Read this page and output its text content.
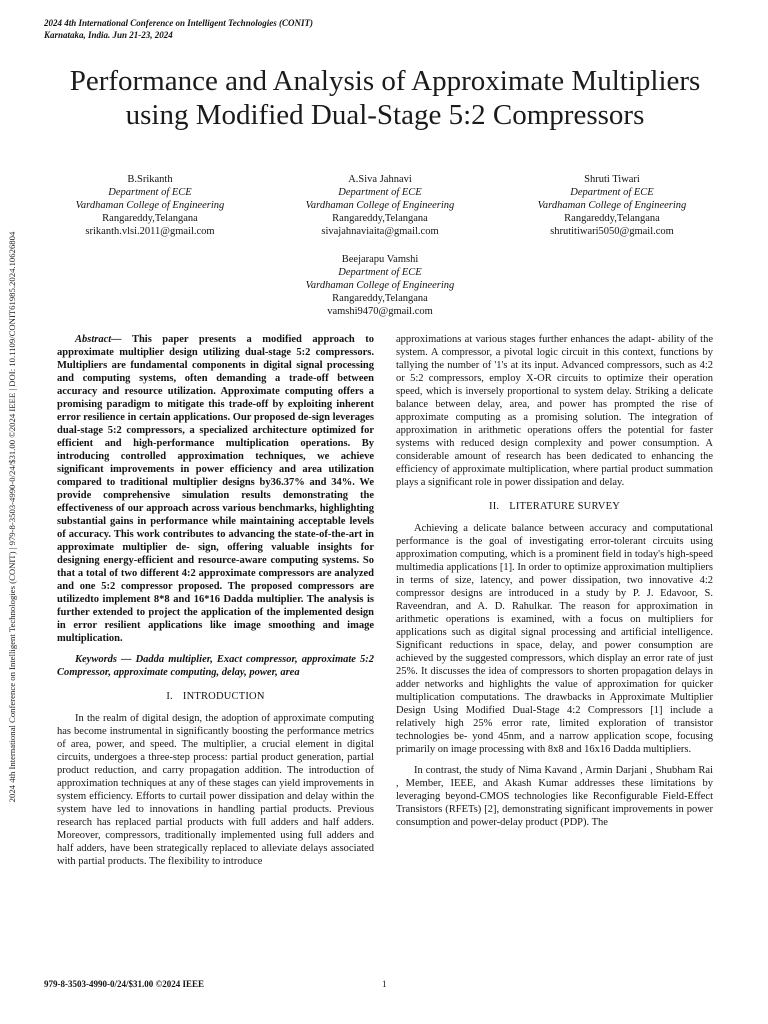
2024 4th International Conference on Intelligent Technologies (CONIT)
Karnataka, India. Jun 21-23, 2024
2024 4th International Conference on Intelligent Technologies (CONIT) | 979-8-3503-4990-0/24/$31.00 ©2024 IEEE | DOI: 10.1109/CONIT61985.2024.10626804
Performance and Analysis of Approximate Multipliers using Modified Dual-Stage 5:2 Compressors
B.Srikanth
Department of ECE
Vardhaman College of Engineering
Rangareddy,Telangana
srikanth.vlsi.2011@gmail.com
A.Siva Jahnavi
Department of ECE
Vardhaman College of Engineering
Rangareddy,Telangana
sivajahnaviaita@gmail.com
Shruti Tiwari
Department of ECE
Vardhaman College of Engineering
Rangareddy,Telangana
shrutitiwari5050@gmail.com
Beejarapu Vamshi
Department of ECE
Vardhaman College of Engineering
Rangareddy,Telangana
vamshi9470@gmail.com

Abstract— This paper presents a modified approach to approximate multiplier design utilizing dual-stage 5:2 compressors. Multipliers are fundamental components in digital signal processing and computing systems, often demanding a trade-off between accuracy and resource utilization. Approximate computing offers a promising paradigm to mitigate this trade-off by exploiting inherent error resilience in certain applications. Our proposed de-sign leverages dual-stage 5:2 compressors, a specialized architecture optimized for efficient and high-performance multiplication operations. By introducing controlled approximation techniques, we achieve significant improvements in power efficiency and area utilization compared to traditional multiplier designs by36.37% and 34%. We provide comprehensive simulation results demonstrating the effectiveness of our approach across various benchmarks, highlighting substantial gains in performance while maintaining acceptable levels of accuracy. This work contributes to advancing the state-of-the-art in approximate multiplier de- sign, offering valuable insights for designing energy-efficient and resource-aware computing systems. So that a total of two different 4:2 approximate compressors are analyzed and one 5:2 compressor proposed. The proposed compressors are utilizedto implement 8*8 and 16*16 Dadda multiplier. The analysis is further extended to project the application of the implemented design in error resilient applications like image smoothing and image multiplication.

Keywords — Dadda multiplier, Exact compressor, approximate 5:2 Compressor, approximate computing, delay, power, area

I. INTRODUCTION

In the realm of digital design, the adoption of approximate computing has become instrumental in significantly boosting the performance metrics of area, power, and speed. The multiplier, a crucial element in digital circuits, undergoes a three-step process: partial product generation, partial product reduction, and carry propagation addition. The introduction of approximation techniques at any of these stages can yield improvements in system efficiency. Efforts to curtail power dissipation and delay within the system have led to innovations in handling partial products. Previous research has replaced partial products with full adders and half adders. Moreover, compressors, traditionally implemented using full adders and half adders, have been strategically replaced to alleviate delays associated with partial products. The flexibility to introduce

approximations at various stages further enhances the adapt- ability of the system. A compressor, a pivotal logic circuit in this context, functions by tallying the number of '1's at its input. Advanced compressors, such as 4:2 or 5:2 compressors, employ X-OR circuits to optimize their operation speed, which is inversely proportional to system delay. Striking a delicate balance between delay, area, and power has prompted the rise of approximate computing as a promising solution. The integration of approximation in arithmetic operations offers the potential for faster systems with reduced design complexity and power consumption. A considerable amount of research has been dedicated to enhancing the efficiency of approximate multiplication, where partial product summation plays a significant role in power dissipation and delay.

II. LITERATURE SURVEY

Achieving a delicate balance between accuracy and computational performance is the goal of investigating error-tolerant circuits using approximation computing, which is a prominent field in today's high-speed multimedia applications [1]. In order to optimize approximation multipliers in terms of size, latency, and power dissipation, two innovative 4:2 compressor designs are introduced in a study by P. J. Edavoor, S. Raveendran, and A. D. Rahulkar. The reason for approximation in arithmetic operations is examined, with a focus on multipliers for applications such as digital signal processing and artificial intelligence. Significant reductions in space, delay, and power consumption are achieved by the suggested compressors, which display an error rate of just 25%. It discusses the idea of compressors to shorten propagation delays in adder networks and highlights the value of approximation for quicker multiplication computations. The drawbacks in Approximate Multiplier Design Using Modified Dual-Stage 4:2 Compressors [1] include a relatively high 25% error rate, limited exploration of transistor technologies be- yond 45nm, and a narrow application scope, focusing primarily on image processing with 8x8 and 16x16 Dadda multipliers.

In contrast, the study of Nima Kavand , Armin Darjani , Shubham Rai , Member, IEEE, and Akash Kumar addresses these limitations by leveraging beyond-CMOS technologies like Reconfigurable Field-Effect Transistors (RFETs) [2], demonstrating significant improvements in power consumption and power-delay product (PDP). The

979-8-3503-4990-0/24/$31.00 ©2024 IEEE	1
